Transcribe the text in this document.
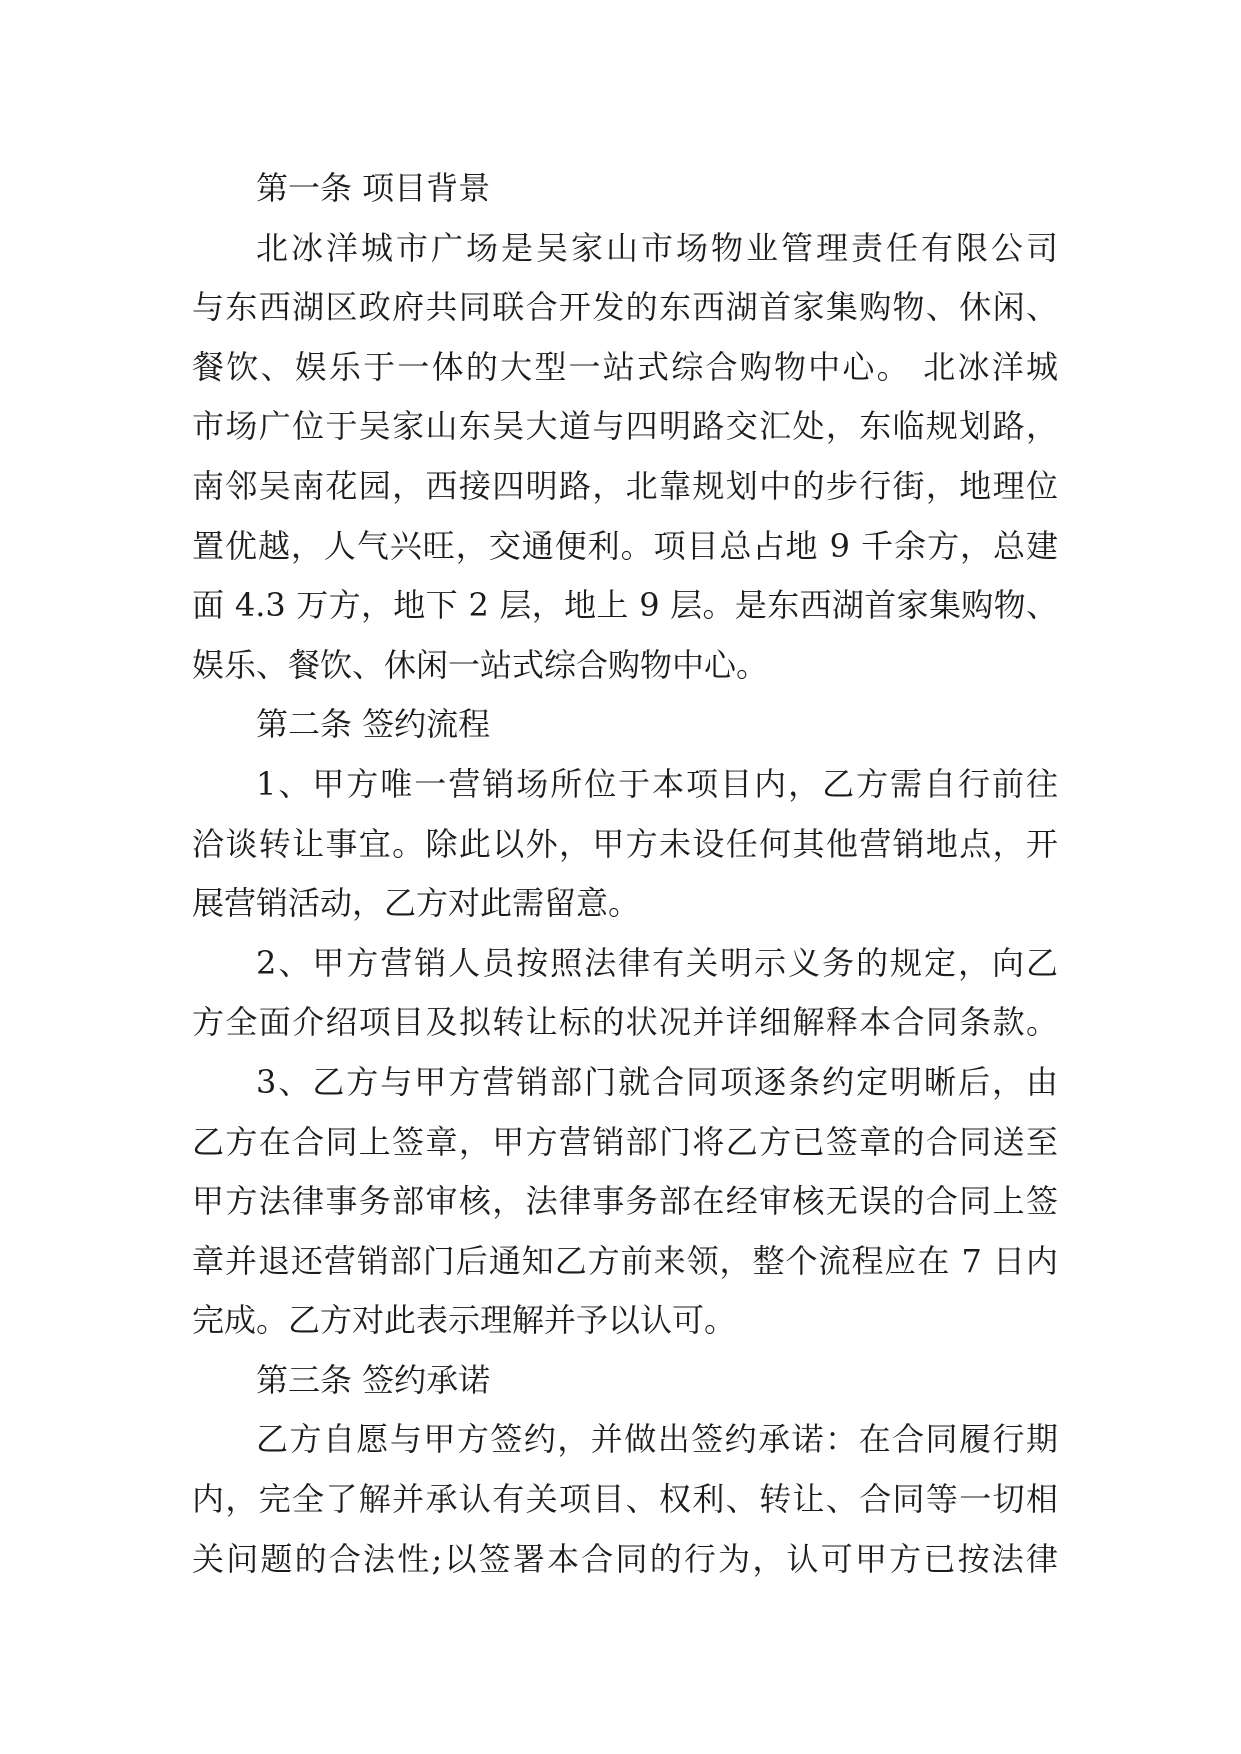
第一条 项目背景
北冰洋城市广场是吴家山市场物业管理责任有限公司
与东西湖区政府共同联合开发的东西湖首家集购物、休闲、
餐饮、娱乐于一体的大型一站式综合购物中心。 北冰洋城
市场广位于吴家山东吴大道与四明路交汇处，东临规划路，
南邻吴南花园，西接四明路，北靠规划中的步行街，地理位
置优越，人气兴旺，交通便利。项目总占地 9 千余方，总建
面 4.3 万方，地下 2 层，地上 9 层。是东西湖首家集购物、
娱乐、餐饮、休闲一站式综合购物中心。
第二条 签约流程
1、甲方唯一营销场所位于本项目内，乙方需自行前往
洽谈转让事宜。除此以外，甲方未设任何其他营销地点，开
展营销活动，乙方对此需留意。
2、甲方营销人员按照法律有关明示义务的规定，向乙
方全面介绍项目及拟转让标的状况并详细解释本合同条款。
3、乙方与甲方营销部门就合同项逐条约定明晰后，由
乙方在合同上签章，甲方营销部门将乙方已签章的合同送至
甲方法律事务部审核，法律事务部在经审核无误的合同上签
章并退还营销部门后通知乙方前来领，整个流程应在 7 日内
完成。乙方对此表示理解并予以认可。
第三条 签约承诺
乙方自愿与甲方签约，并做出签约承诺：在合同履行期
内，完全了解并承认有关项目、权利、转让、合同等一切相
关问题的合法性;以签署本合同的行为，认可甲方已按法律
